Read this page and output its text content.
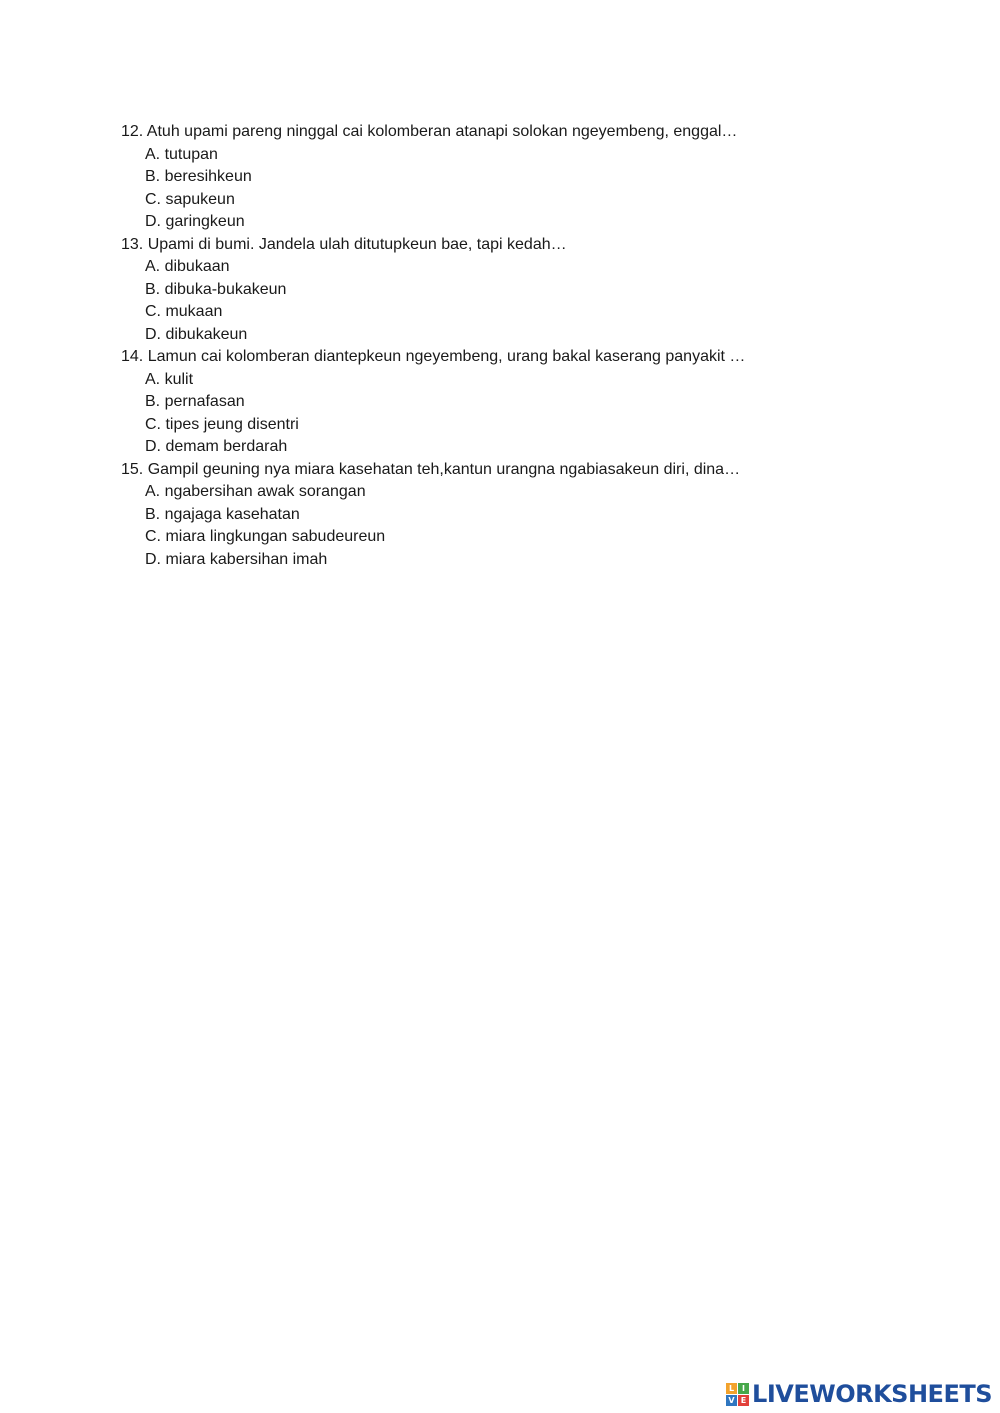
12. Atuh upami pareng ninggal cai kolomberan atanapi solokan ngeyembeng, enggal…
A. tutupan
B. beresihkeun
C. sapukeun
D. garingkeun
13. Upami di bumi. Jandela ulah ditutupkeun bae, tapi kedah…
A. dibukaan
B. dibuka-bukakeun
C. mukaan
D. dibukakeun
14. Lamun cai kolomberan diantepkeun ngeyembeng, urang bakal kaserang panyakit …
A. kulit
B. pernafasan
C. tipes jeung disentri
D. demam berdarah
15. Gampil geuning nya miara kasehatan teh,kantun urangna ngabiasakeun diri, dina…
A. ngabersihan awak sorangan
B. ngajaga kasehatan
C. miara lingkungan sabudeureun
D. miara kabersihan imah
L I
V E LIVEWORKSHEETS
